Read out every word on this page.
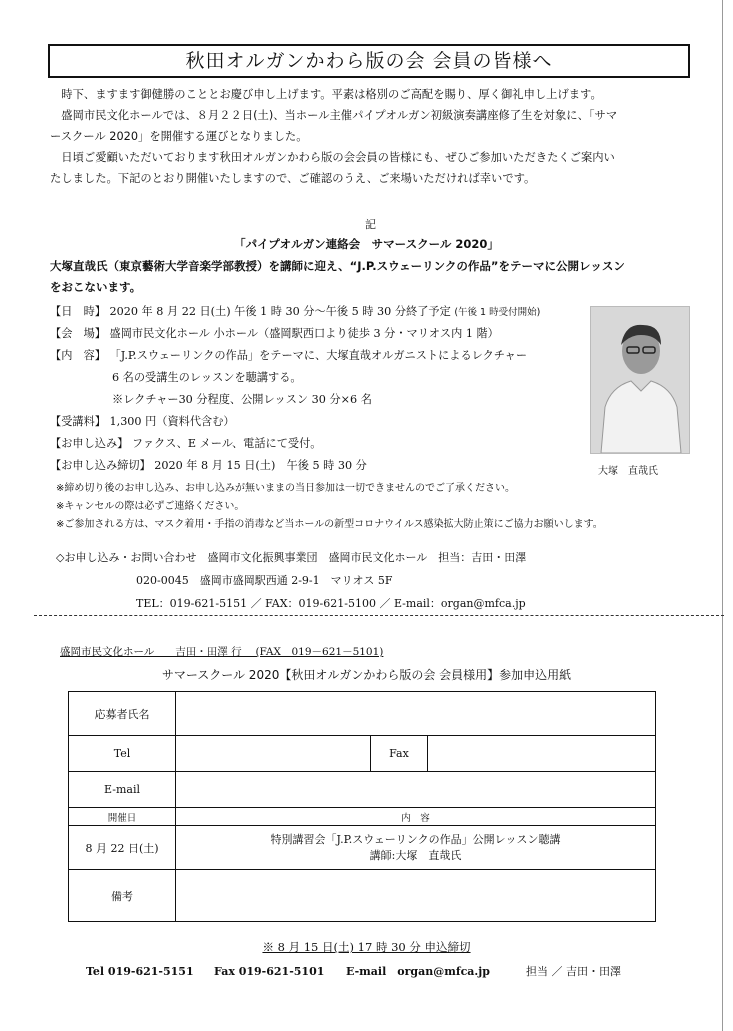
秋田オルガンかわら版の会 会員の皆様へ
　時下、ますます御健勝のこととお慶び申し上げます。平素は格別のご高配を賜り、厚く御礼申し上げます。
　盛岡市民文化ホールでは、８月２２日(土)、当ホール主催パイプオルガン初級演奏講座修了生を対象に、「サマ
ースクール 2020」を開催する運びとなりました。
　日頃ご愛顧いただいております秋田オルガンかわら版の会会員の皆様にも、ぜひご参加いただきたくご案内い
たしました。下記のとおり開催いたしますので、ご確認のうえ、ご来場いただければ幸いです。
記
「パイプオルガン連絡会　サマースクール 2020」
大塚直哉氏（東京藝術大学音楽学部教授）を講師に迎え、“J.P.スウェーリンクの作品”をテーマに公開レッスン
をおこないます。
【日　時】 2020 年 8 月 22 日(土) 午後 1 時 30 分～午後 5 時 30 分終了予定 (午後 1 時受付開始)
【会　場】 盛岡市民文化ホール 小ホール（盛岡駅西口より徒歩 3 分・マリオス内 1 階）
【内　容】 「J.P.スウェーリンクの作品」をテーマに、大塚直哉オルガニストによるレクチャー
6 名の受講生のレッスンを聴講する。
※レクチャー30 分程度、公開レッスン 30 分×6 名
【受講料】 1,300 円（資料代含む）
【お申し込み】 ファクス、E メール、電話にて受付。
【お申し込み締切】 2020 年 8 月 15 日(土)　午後 5 時 30 分	大塚　直哉氏
※締め切り後のお申し込み、お申し込みが無いままの当日参加は一切できませんのでご了承ください。
※キャンセルの際は必ずご連絡ください。
※ご参加される方は、マスク着用・手指の消毒など当ホールの新型コロナウイルス感染拡大防止策にご協力お願いします。
◇お申し込み・お問い合わせ　盛岡市文化振興事業団　盛岡市民文化ホール　担当：吉田・田澤
020-0045　盛岡市盛岡駅西通 2-9-1　マリオス 5F
TEL：019-621-5151 ／ FAX：019-621-5100 ／ E-mail：organ@mfca.jp
盛岡市民文化ホール　　吉田・田澤 行　 (FAX　019－621－5101)
サマースクール 2020【秋田オルガンかわら版の会 会員様用】参加申込用紙
応募者氏名			
Tel		Fax	
E-mail			
開催日	内　容		
8 月 22 日(土)	特別講習会「J.P.スウェーリンクの作品」公開レッスン聴講
講師:大塚　直哉氏		

備考			
※ 8 月 15 日(土) 17 時 30 分 申込締切
Tel 019-621-5151 Fax 019-621-5101 E-mail　organ@mfca.jp	担当 ／ 吉田・田澤
